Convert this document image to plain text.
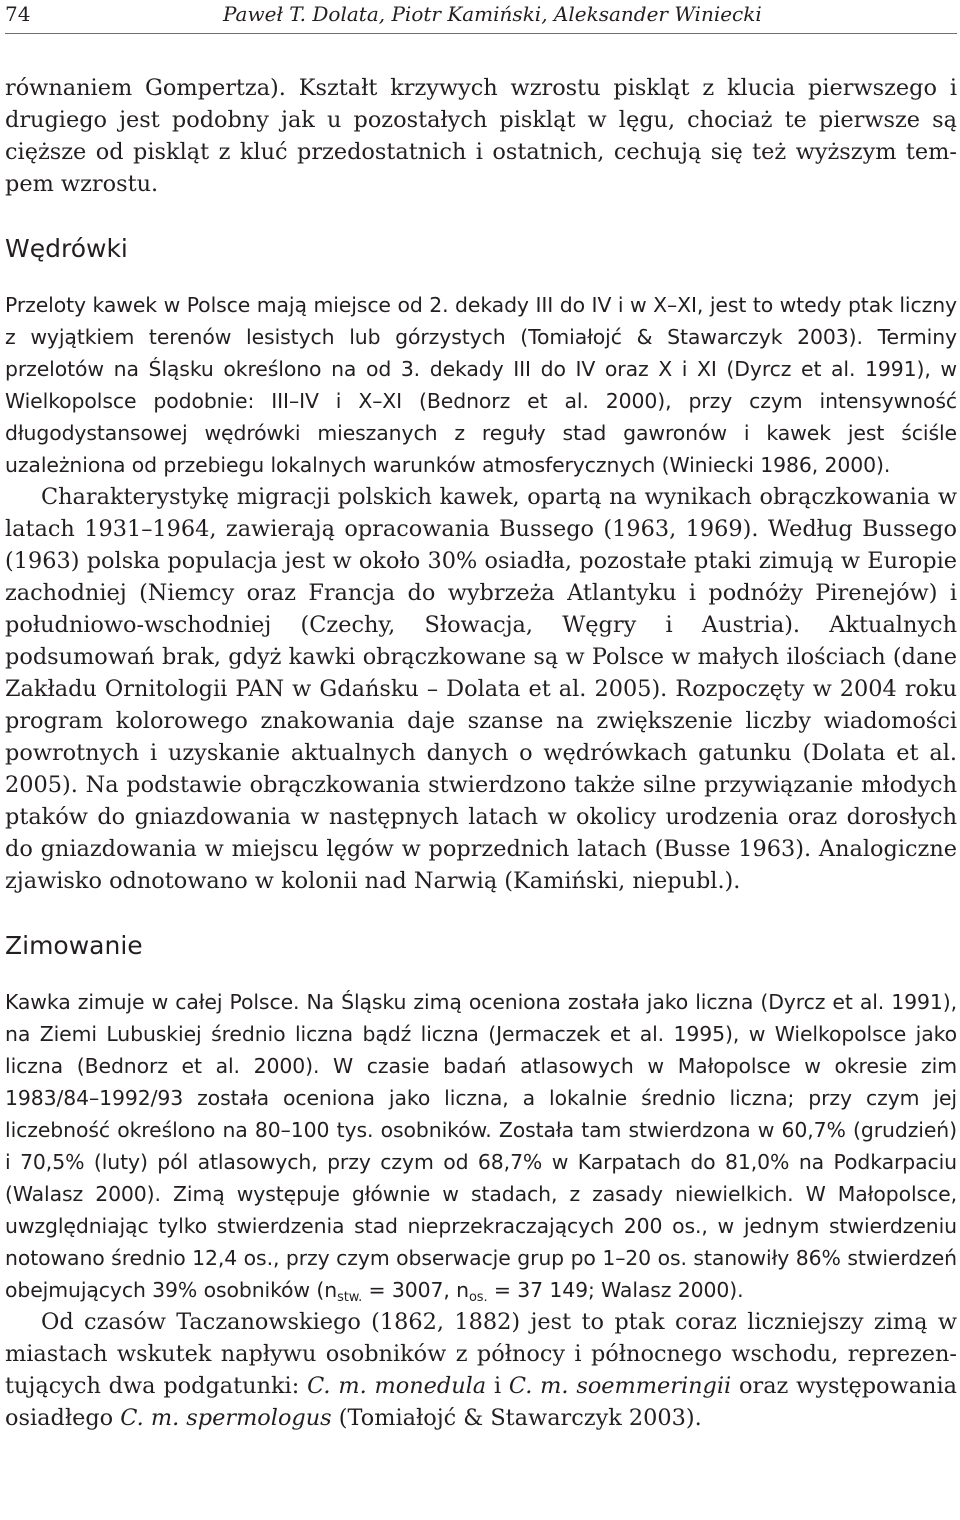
74	Paweł T. Dolata, Piotr Kamiński, Aleksander Winiecki

równaniem Gompertza). Kształt krzywych wzrostu piskląt z klucia pierwszego i drugiego jest podobny jak u pozostałych piskląt w lęgu, chociaż te pierwsze są cięższe od piskląt z kluć przedostatnich i ostatnich, cechują się też wyższym tempem wzrostu.

Wędrówki

Przeloty kawek w Polsce mają miejsce od 2. dekady III do IV i w X–XI, jest to wtedy ptak liczny z wyjątkiem terenów lesistych lub górzystych (Tomiałojć & Stawarczyk 2003). Terminy przelotów na Śląsku określono na od 3. dekady III do IV oraz X i XI (Dyrcz et al. 1991), w Wielkopolsce podobnie: III–IV i X–XI (Bednorz et al. 2000), przy czym intensywność długodystansowej wędrówki mieszanych z reguły stad gawronów i kawek jest ściśle uzależniona od przebiegu lokalnych warunków atmosferycznych (Winiecki 1986, 2000).

Charakterystykę migracji polskich kawek, opartą na wynikach obrączkowania w latach 1931–1964, zawierają opracowania Bussego (1963, 1969). Według Bussego (1963) polska populacja jest w około 30% osiadła, pozostałe ptaki zimują w Europie zachodniej (Niemcy oraz Francja do wybrzeża Atlantyku i podnóży Pirenejów) i południowo-wschodniej (Czechy, Słowacja, Węgry i Austria). Aktualnych podsumowań brak, gdyż kawki obrączkowane są w Polsce w małych ilościach (dane Zakładu Ornitologii PAN w Gdańsku – Dolata et al. 2005). Rozpoczęty w 2004 roku program kolorowego znakowania daje szanse na zwiększenie liczby wiadomości powrotnych i uzyskanie aktualnych danych o wędrówkach gatunku (Dolata et al. 2005). Na podstawie obrączkowania stwierdzono także silne przywiązanie młodych ptaków do gniazdowania w następnych latach w okolicy urodzenia oraz dorosłych do gniazdowania w miejscu lęgów w poprzednich latach (Busse 1963). Analogiczne zjawisko odnotowano w kolonii nad Narwią (Kamiński, niepubl.).

Zimowanie

Kawka zimuje w całej Polsce. Na Śląsku zimą oceniona została jako liczna (Dyrcz et al. 1991), na Ziemi Lubuskiej średnio liczna bądź liczna (Jermaczek et al. 1995), w Wielkopolsce jako liczna (Bednorz et al. 2000). W czasie badań atlasowych w Małopolsce w okresie zim 1983/84–1992/93 została oceniona jako liczna, a lokalnie średnio liczna; przy czym jej liczebność określono na 80–100 tys. osobników. Została tam stwierdzona w 60,7% (grudzień) i 70,5% (luty) pól atlasowych, przy czym od 68,7% w Karpatach do 81,0% na Podkarpaciu (Walasz 2000). Zimą występuje głównie w stadach, z zasady niewielkich. W Małopolsce, uwzględniając tylko stwierdzenia stad nieprzekraczających 200 os., w jednym stwierdzeniu notowano średnio 12,4 os., przy czym obserwacje grup po 1–20 os. stanowiły 86% stwierdzeń obejmujących 39% osobników ($n_{stw.} = 3007$, $n_{os.} = 37$ 149; Walasz 2000).

Od czasów Taczanowskiego (1862, 1882) jest to ptak coraz liczniejszy zimą w miastach wskutek napływu osobników z północy i północnego wschodu, reprezentujących dwa podgatunki: C. m. monedula i C. m. soemmeringii oraz występowania osiadłego C. m. spermologus (Tomiałojć & Stawarczyk 2003).
